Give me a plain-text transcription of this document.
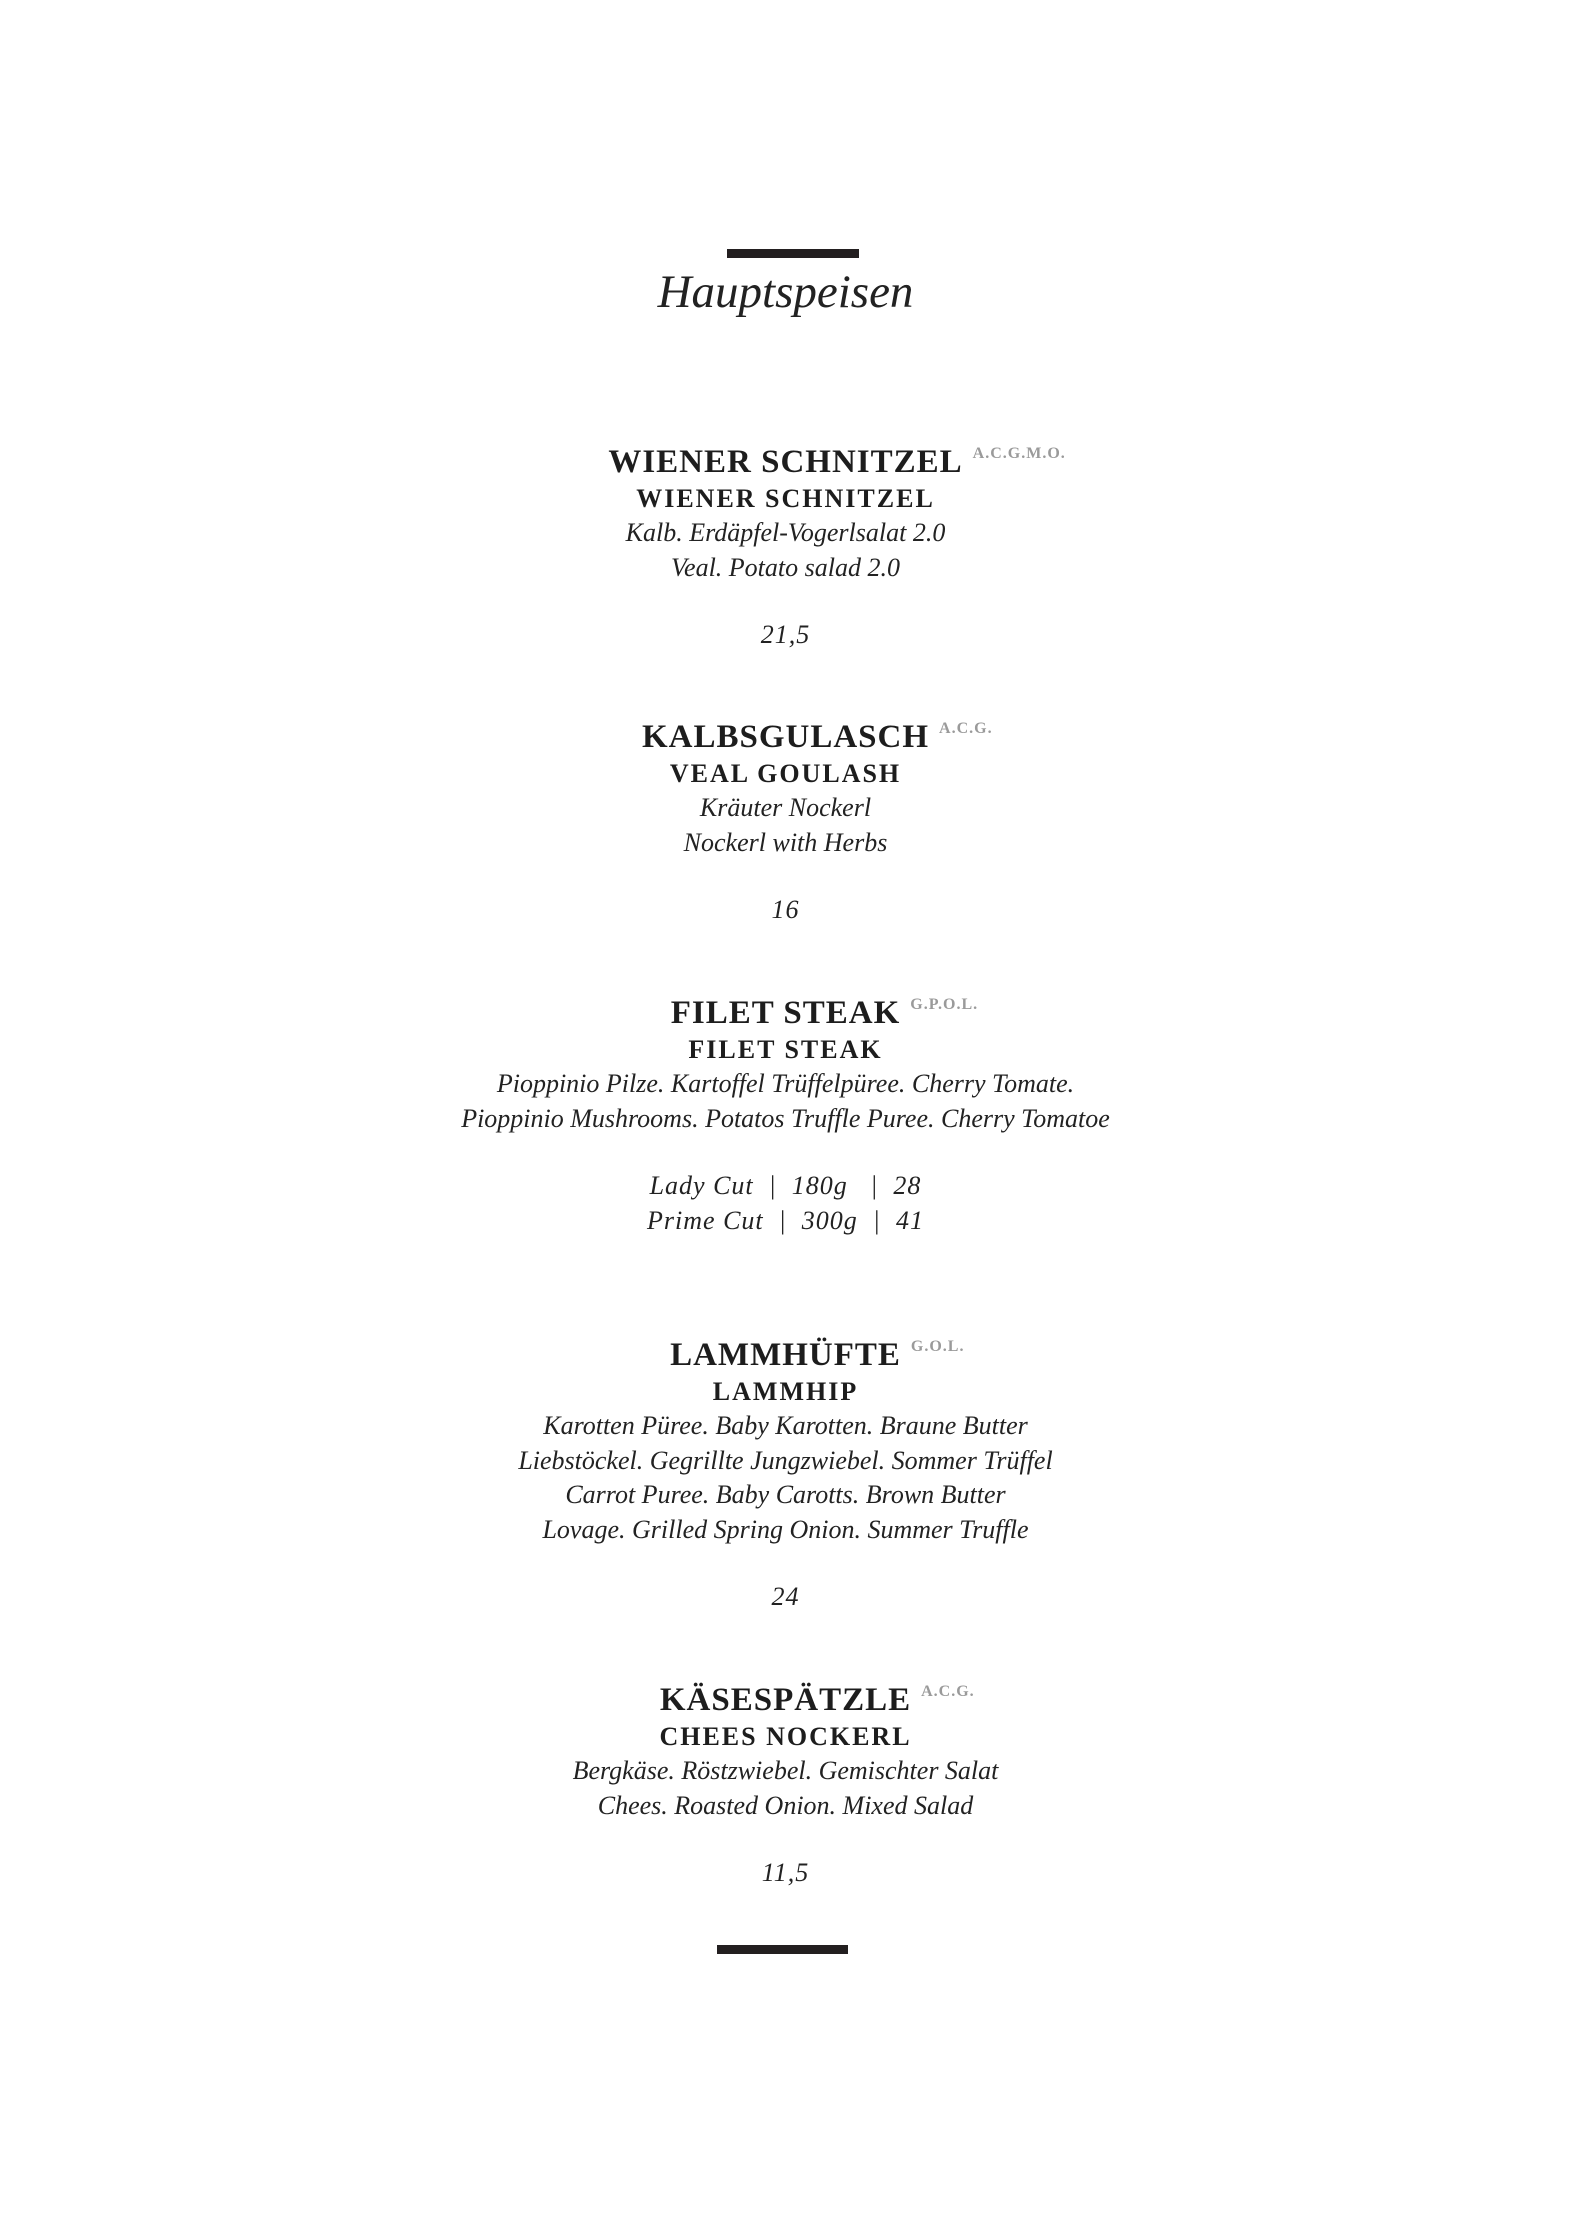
Hauptspeisen
WIENER SCHNITZEL A.C.G.M.O.
WIENER SCHNITZEL
Kalb. Erdäpfel-Vogerlsalat 2.0
Veal. Potato salad 2.0
21,5
KALBSGULASCH A.C.G.
VEAL GOULASH
Kräuter Nockerl
Nockerl with Herbs
16
FILET STEAK G.P.O.L.
FILET STEAK
Pioppinio Pilze. Kartoffel Trüffelpüree. Cherry Tomate.
Pioppinio Mushrooms. Potatos Truffle Puree. Cherry Tomatoe
Lady Cut  |  180g   |  28
Prime Cut  |  300g  |  41
LAMMHÜFTE G.O.L.
LAMMHIP
Karotten Püree. Baby Karotten. Braune Butter
Liebstöckel. Gegrillte Jungzwiebel. Sommer Trüffel
Carrot Puree. Baby Carotts. Brown Butter
Lovage. Grilled Spring Onion. Summer Truffle
24
KÄSESPÄTZLE A.C.G.
CHEES NOCKERL
Bergkäse. Röstzwiebel. Gemischter Salat
Chees. Roasted Onion. Mixed Salad
11,5
